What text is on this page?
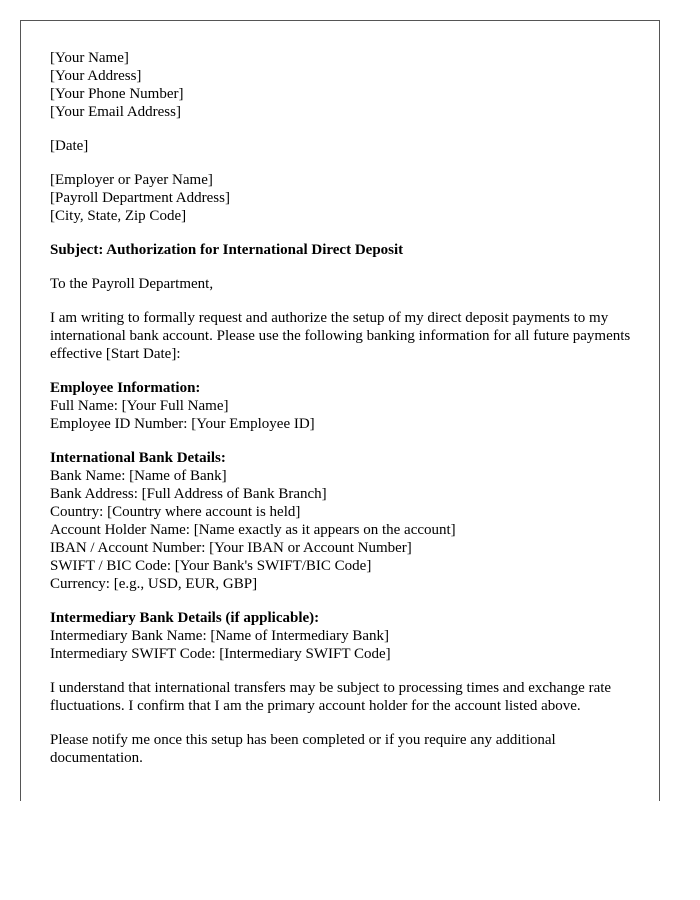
[Your Name]
[Your Address]
[Your Phone Number]
[Your Email Address]
[Date]
[Employer or Payer Name]
[Payroll Department Address]
[City, State, Zip Code]
Subject: Authorization for International Direct Deposit
To the Payroll Department,
I am writing to formally request and authorize the setup of my direct deposit payments to my international bank account. Please use the following banking information for all future payments effective [Start Date]:
Employee Information:
Full Name: [Your Full Name]
Employee ID Number: [Your Employee ID]
International Bank Details:
Bank Name: [Name of Bank]
Bank Address: [Full Address of Bank Branch]
Country: [Country where account is held]
Account Holder Name: [Name exactly as it appears on the account]
IBAN / Account Number: [Your IBAN or Account Number]
SWIFT / BIC Code: [Your Bank's SWIFT/BIC Code]
Currency: [e.g., USD, EUR, GBP]
Intermediary Bank Details (if applicable):
Intermediary Bank Name: [Name of Intermediary Bank]
Intermediary SWIFT Code: [Intermediary SWIFT Code]
I understand that international transfers may be subject to processing times and exchange rate fluctuations. I confirm that I am the primary account holder for the account listed above.
Please notify me once this setup has been completed or if you require any additional documentation.
